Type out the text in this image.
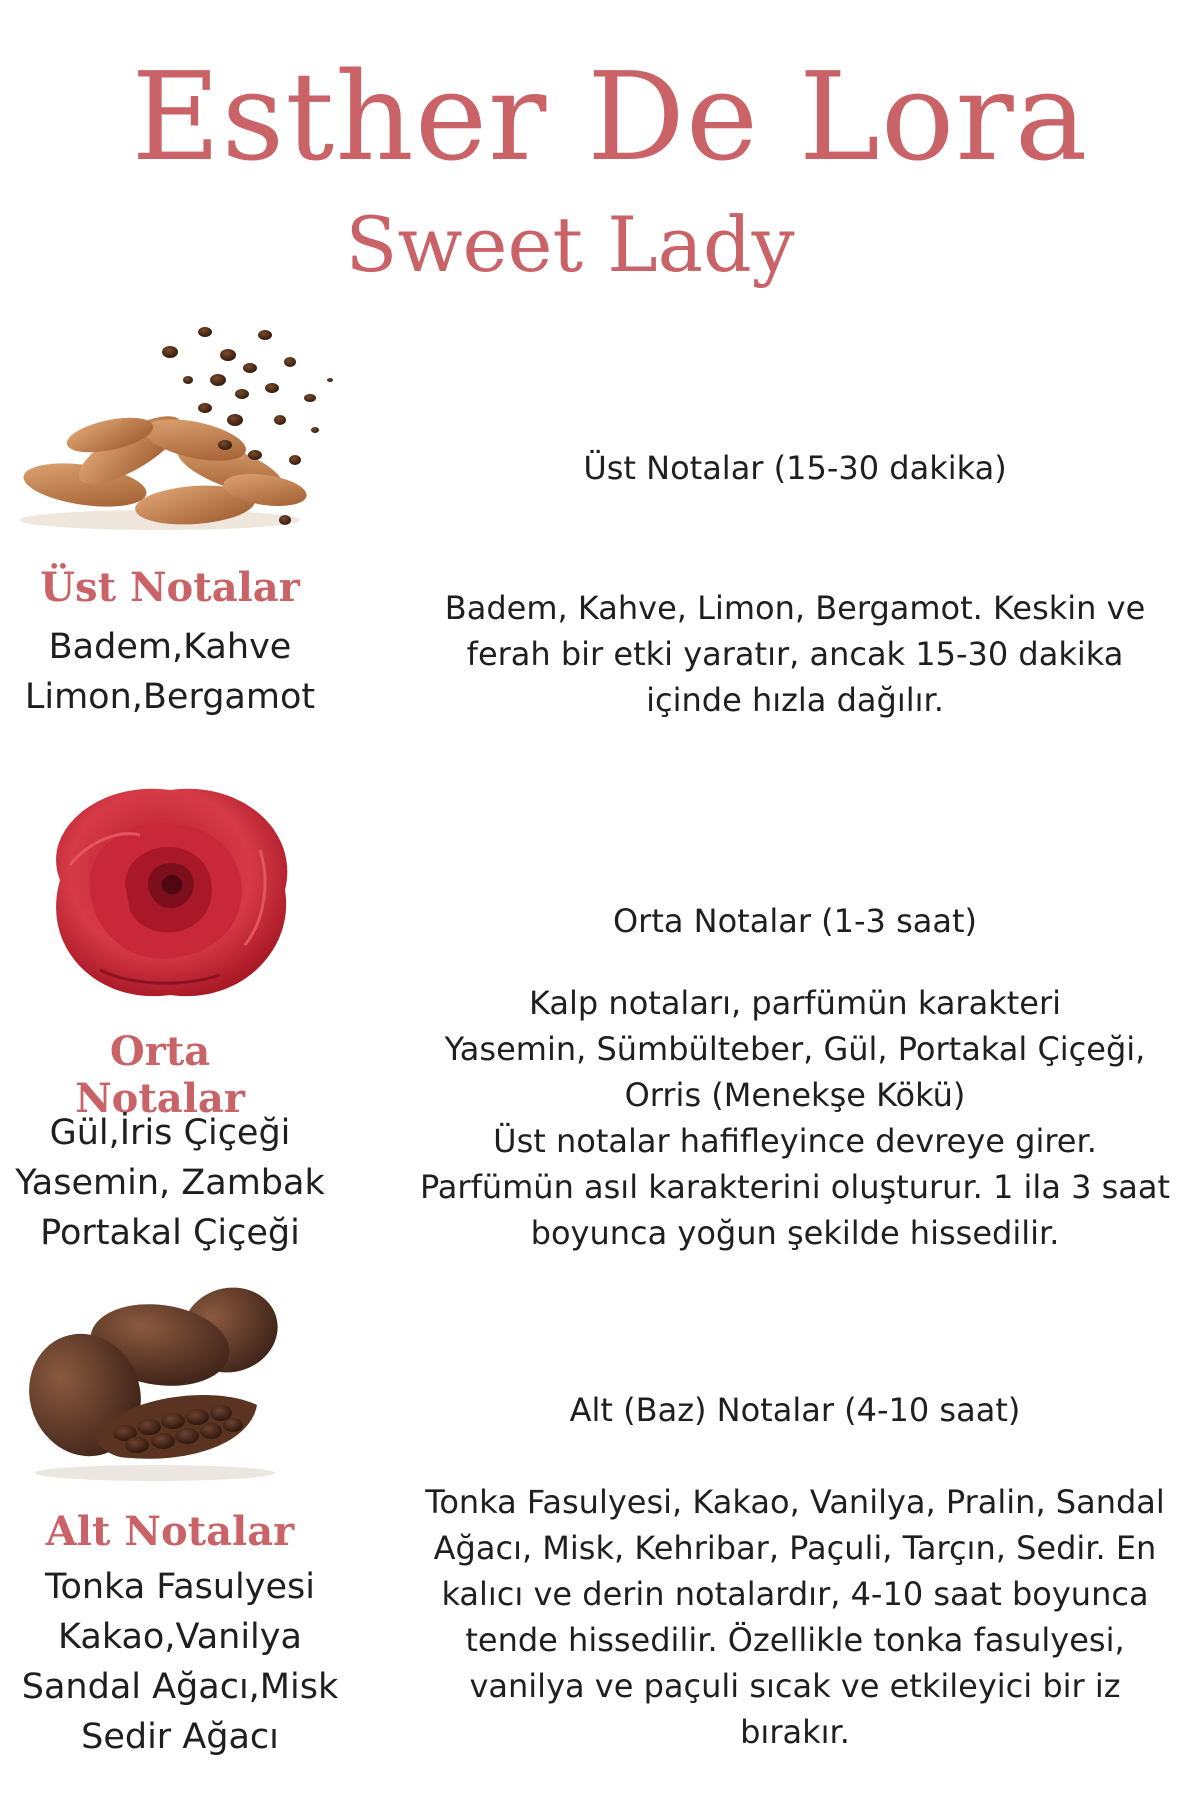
Esther De Lora
Sweet Lady
Üst Notalar
Badem,Kahve
Limon,Bergamot
Üst Notalar (15-30 dakika)
Badem, Kahve, Limon, Bergamot. Keskin ve ferah bir etki yaratır, ancak 15-30 dakika içinde hızla dağılır.
Orta Notalar
Gül,İris Çiçeği
Yasemin, Zambak
Portakal Çiçeği
Orta Notalar (1-3 saat)
Kalp notaları, parfümün karakteri
Yasemin, Sümbülteber, Gül, Portakal Çiçeği,
Orris (Menekşe Kökü)
Üst notalar hafifleyince devreye girer.
Parfümün asıl karakterini oluşturur. 1 ila 3 saat
boyunca yoğun şekilde hissedilir.
Alt Notalar
Tonka Fasulyesi
Kakao,Vanilya
Sandal Ağacı,Misk
Sedir Ağacı
Alt (Baz) Notalar (4-10 saat)
Tonka Fasulyesi, Kakao, Vanilya, Pralin, Sandal Ağacı, Misk, Kehribar, Paçuli, Tarçın, Sedir. En kalıcı ve derin notalardır, 4-10 saat boyunca tende hissedilir. Özellikle tonka fasulyesi, vanilya ve paçuli sıcak ve etkileyici bir iz bırakır.
